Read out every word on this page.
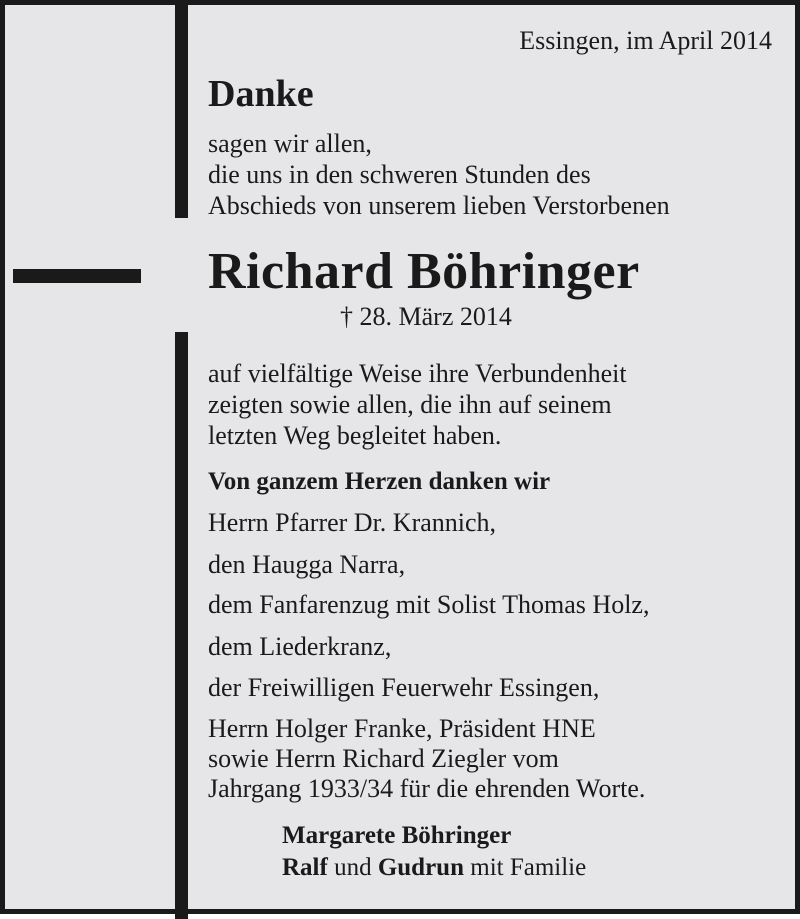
Essingen, im April 2014
Danke
sagen wir allen,
die uns in den schweren Stunden des
Abschieds von unserem lieben Verstorbenen
Richard Böhringer
† 28. März 2014
auf vielfältige Weise ihre Verbundenheit
zeigten sowie allen, die ihn auf seinem
letzten Weg begleitet haben.
Von ganzem Herzen danken wir
Herrn Pfarrer Dr. Krannich,
den Haugga Narra,
dem Fanfarenzug mit Solist Thomas Holz,
dem Liederkranz,
der Freiwilligen Feuerwehr Essingen,
Herrn Holger Franke, Präsident HNE
sowie Herrn Richard Ziegler vom
Jahrgang 1933/34 für die ehrenden Worte.
Margarete Böhringer
Ralf und Gudrun mit Familie
